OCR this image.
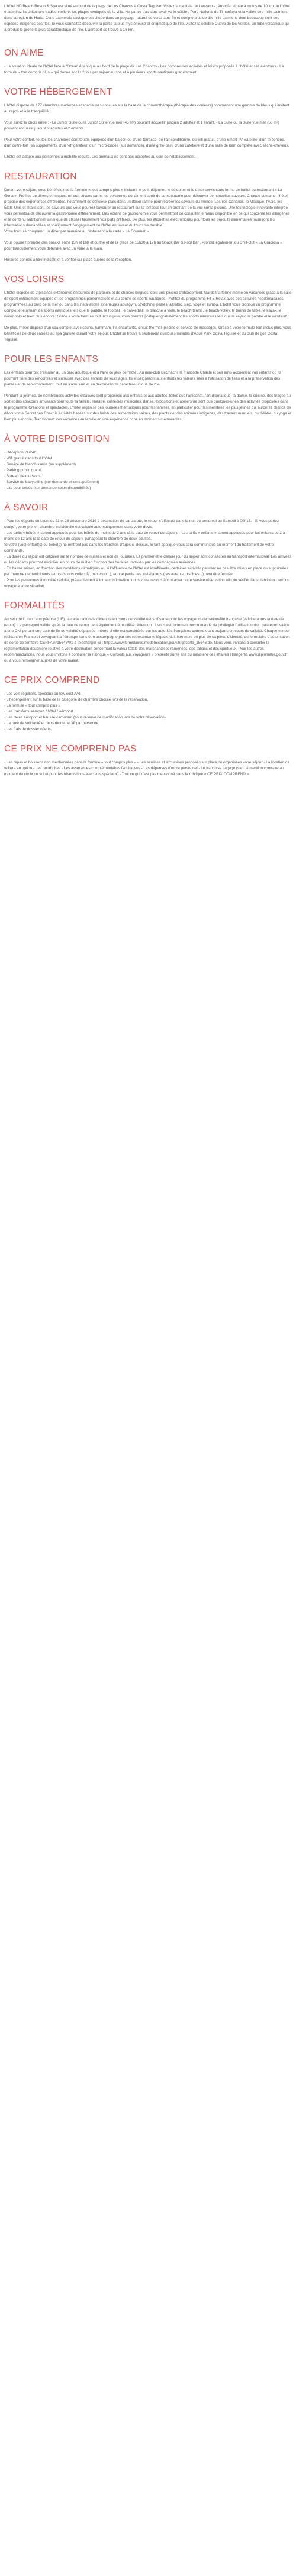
L'hôtel HD Beach Resort & Spa est situé au bord de la plage de Los Charcos à Costa Teguise. Visitez la capitale de Lanzarote, Arrecife, située à moins de 10 km de l'hôtel et admirez l'architecture traditionnelle et les plages exotiques de la ville. Ne partez pas sans avoir vu le célèbre Parc National de Timanfaya et la vallée des mille palmiers dans la région de Haria. Cette palmeraie exotique est située dans un paysage naturel de verts sans fin et compte plus de dix mille palmiers, dont beaucoup sont des espèces indigènes des îles. Si vous souhaitez découvrir la partie la plus mystérieuse et énigmatique de l'île, visitez la célèbre Cueva de los Verdes, un tube volcanique qui a produit le grotte la plus caractéristique de l'île. L'aéroport se trouve à 16 km.

ON AIME

- La situation idéale de l'hôtel face à l'Océan Atlantique au bord de la plage de Los Charcos - Les nombreuses activités et loisirs proposés à l'hôtel et ses alentours - La formule « tout compris plus » qui donne accès 2 fois par séjour au spa et à plusieurs sports nautiques gratuitement

VOTRE HÉBERGEMENT

L'hôtel dispose de 177 chambres modernes et spacieuses conçues sur la base de la chromothérapie (thérapie des couleurs) comprenant une gamme de bleus qui invitent au repos et à la tranquillité.

Vous aurez le choix entre : - La Junior Suite ou la Junior Suite vue mer (45 m²) pouvant accueillir jusqu'à 2 adultes et 1 enfant. - La Suite ou la Suite vue mer (50 m²) pouvant accueillir jusqu'à 2 adultes et 2 enfants.

Pour votre confort, toutes les chambres sont toutes équipées d'un balcon ou d'une terrasse, de l'air conditionné, du wifi gratuit, d'une Smart TV Satellite, d'un téléphone, d'un coffre-fort (en supplément), d'un réfrigérateur, d'un micro-ondes (sur demande), d'une grille-pain, d'une cafetière et d'une salle de bain complète avec sèche-cheveux.

L'hôtel est adapté aux personnes à mobilité réduite. Les animaux ne sont pas acceptés au sein de l'établissement.

RESTAURATION

Durant votre séjour, vous bénéficiez de la formule « tout compris plus » incluant le petit-déjeuner, le déjeuner et le dîner servis sous forme de buffet au restaurant « La Gerla ». Profitez de dîners ethniques, un vrai succès parmi les personnes qui aiment sortir de la monotonie pour découvrir de nouvelles saveurs. Chaque semaine, l'hôtel propose des expériences différentes, notamment de délicieux plats dans un décor raffiné pour recréer les saveurs du monde. Les îles Canaries, le Mexique, l'Asie, les États-Unis et l'Italie sont les saveurs que vous pourrez savourer au restaurant sur la terrasse tout en profitant de la vue sur la piscine. Une technologie innovante intégrée vous permettra de découvrir la gastronomie différemment. Des écrans de gastronomie vous permettront de consulter le menu disponible en ce qui concerne les allergènes et le contenu nutritionnel, ainsi que de classer facilement vos plats préférés. De plus, les étiquettes électroniques pour tous les produits alimentaires fourniront les informations demandées et souligneront l'engagement de l'hôtel en faveur du tourisme durable.
Votre formule comprend un dîner par semaine au restaurant à la carte « Le Gourmet ».

Vous pourrez prendre des snacks entre 15h et 16h et du thé et de la glace de 15h30 à 17h au Snack Bar & Pool Bar . Profitez également du Chill-Out « La Graciosa » , pour tranquillement vous détendre avec un verre à la main.

Horaires donnés à titre indicatif et à vérifier sur place auprès de la réception.

VOS LOISIRS

L'hôtel dispose de 2 piscines extérieures entourées de parasols et de chaises longues, dont une piscine d'abordement. Gardez la forme même en vacances grâce à la salle de sport entièrement équipée et les programmes personnalisés et au centre de sports nautiques. Profitez du programme Fit & Relax avec des activités hebdomadaires programmées au bord de la mer ou dans les installations extérieures aquagym, stretching, pilates, aérobic, step, yoga et zumba. L'hôtel vous propose un programme complet et étonnant de sports nautiques tels que le paddle, le football, le basketball, le planche à voile, le beach-tennis, le beach-volley, le tennis de table, le kayak, le water-polo et bien plus encore. Grâce à votre formule tout inclus plus, vous pourrez pratiquer gratuitement les sports nautiques tels que le kayak, le paddle et le windsurf.

De plus, l'hôtel dispose d'un spa complet avec sauna, hammam, lits chauffants, circuit thermal, piscine et service de massages. Grâce à votre formule tout inclus plus, vous bénéficiez de deux entrées au spa gratuite durant votre séjour. L'hôtel se trouve à seulement quelques minutes d'Aqua Park Costa Teguise et du club de golf Costa Teguise.

POUR LES ENFANTS

Les enfants pourront s'amuser au un parc aquatique et à l'aire de jeux de l'hôtel. Au mini-club BeChachi, la mascotte Chachi et ses amis accueillent vos enfants où ils pourront faire des rencontres et s'amuser avec des enfants de leurs âges. Ils enseigneront aux enfants les valeurs liées à l'utilisation de l'eau et à la préservation des plantes et de l'environnement, tout en s'amusant et en découvrant le caractère unique de l'île.

Pendant la journée, de nombreuses activités créatives sont proposées aux enfants et aux adultes, telles que l'artisanat, l'art dramatique, la danse, la cuisine, des tirages au sort et des concours amusants pour toute la famille. Théâtre, comédies musicales, danse, expositions et ateliers ne sont que quelques-unes des activités proposées dans le programme Créations et spectacles. L'hôtel organise des journées thématiques pour les familles, en particulier pour les membres les plus jeunes qui auront la chance de découvrir le Secret des Chachis activités basées sur des habitudes alimentaires saines, des plantes et des animaux indigènes, des travaux manuels, du théâtre, du yoga et bien plus encore. Transformez vos vacances en famille en une expérience riche en moments mémorables.

À VOTRE DISPOSITION
- Réception 24/24h
- Wifi gratuit dans tout l'hôtel
- Service de blanchisserie (en supplément)
- Parking public gratuit
- Bureau d'excursions
- Service de babysitting (sur demande et en supplément)
- Lits pour bébés (sur demande selon disponibilités)
À SAVOIR

- Pour les départs du Lyon les 21 et 28 décembre 2019 à destination de Lanzarote, le retour s'effectue dans la nuit du Vendredi au Samedi à 00h15. - Si vous partez seul(e), votre prix en chambre individuelle est calculé automatiquement dans votre devis.
- Les tarifs « bébés » seront appliqués pour les bébés de moins de 2 ans (à la date de retour du séjour). - Les tarifs « enfants » seront appliqués pour les enfants de 2 à moins de 12 ans (à la date de retour du séjour), partageant la chambre de deux adultes.
Si votre (vos) enfant(s) ou bébé(s) ne rentrent pas dans les tranches d'âges ci-dessus, le tarif appliqué vous sera communiqué au moment du traitement de votre commande.
- La durée du séjour est calculée sur le nombre de nuitées et non de journées. Le premier et le dernier jour du séjour sont consacrés au transport international. Les arrivées ou les départs pourront avoir lieu en cours de nuit en fonction des horaires imposés par les compagnies aériennes.
- En basse saison, en fonction des conditions climatiques ou si l'affluence de l'hôtel est insuffisante, certaines activités peuvent ne pas être mises en place ou supprimées par manque de participants requis (sports collectifs, mini-club...), et une partie des installations (restaurants, piscines...) peut être fermée.
- Pour les personnes à mobilité réduite, préalablement à toute confirmation, nous vous invitons à contacter notre service réservation afin de vérifier l'adaptabilité ou non du voyage à votre situation.

FORMALITÉS

Au sein de l'Union européenne (UE), la carte nationale d'identité en cours de validité est suffisante pour les voyageurs de nationalité française (validité après la date de retour). Le passeport valide après la date de retour peut également être utilisé. Attention : il vous est fortement recommandé de privilégier l'utilisation d'un passeport valide à une CNI portant une date de fin de validité dépassée, même si elle est considérée par les autorités françaises comme étant toujours en cours de validité. Chaque mineur résidant en France et voyageant à l'étranger sans être accompagné par ses représentants légaux, doit être muni en plus de sa pièce d'identité, du formulaire d'autorisation de sortie de territoire CERFA n°15646*01 à télécharger ici : https://www.formulaires.modernisation.gouv.fr/gf/cerfa_15646.do. Nous vous invitons à consulter la réglementation douanière relative à votre destination concernant la valeur totale des marchandises ramenées, des tabacs et des spiritueux. Pour les autres recommandations, nous vous invitons à consulter la rubrique « Conseils aux voyageurs » présente sur le site du ministère des affaires étrangères www.diplomatie.gouv.fr ou à vous renseigner auprès de votre mairie.

CE PRIX COMPREND

- Les vols réguliers, spéciaux ou low-cost A/R,
- L'hébergement sur la base de la catégorie de chambre choisie lors de la réservation,
- La formule « tout compris plus »
- Les transferts aéroport / hôtel / aéroport
- Les taxes aéroport et hausse carburant (sous réserve de modification lors de votre réservation)
- La taxe de solidarité et de carbone de 3€ par personne,
- Les frais de dossier offerts.

CE PRIX NE COMPREND PAS

- Les repas et boissons non mentionnées dans la formule « tout compris plus » - Les services et excursions proposés sur place ou organisées votre séjour - La location de voiture en option - Les pourboires - Les assurances complémentaires facultatives - Les dépenses d'ordre personnel - Le franchise bagage (sauf si mention contraire au moment du choix de vol et pour les réservations avec vols spéciaux) - Tout ce qui n'est pas mentionné dans la rubrique « CE PRIX COMPREND »
